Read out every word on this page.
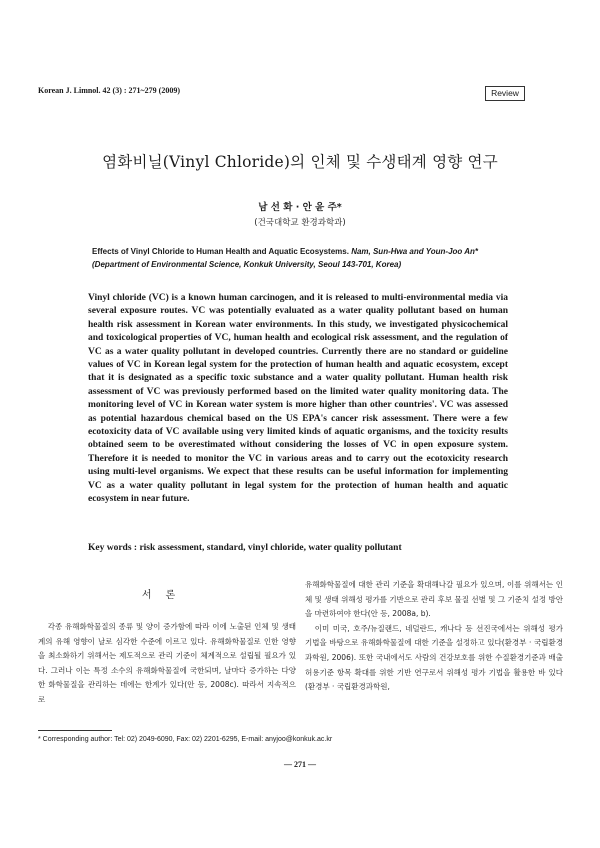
Korean J. Limnol. 42 (3) : 271~279 (2009)	Review
염화비닐(Vinyl Chloride)의 인체 및 수생태계 영향 연구
남 선 화 · 안 윤 주*
(건국대학교 환경과학과)
Effects of Vinyl Chloride to Human Health and Aquatic Ecosystems. Nam, Sun-Hwa and Youn-Joo An* (Department of Environmental Science, Konkuk University, Seoul 143-701, Korea)
Vinyl chloride (VC) is a known human carcinogen, and it is released to multi-environmental media via several exposure routes. VC was potentially evaluated as a water quality pollutant based on human health risk assessment in Korean water environments. In this study, we investigated physicochemical and toxicological properties of VC, human health and ecological risk assessment, and the regulation of VC as a water quality pollutant in developed countries. Currently there are no standard or guideline values of VC in Korean legal system for the protection of human health and aquatic ecosystem, except that it is designated as a specific toxic substance and a water quality pollutant. Human health risk assessment of VC was previously performed based on the limited water quality monitoring data. The monitoring level of VC in Korean water system is more higher than other countries'. VC was assessed as potential hazardous chemical based on the US EPA's cancer risk assessment. There were a few ecotoxicity data of VC available using very limited kinds of aquatic organisms, and the toxicity results obtained seem to be overestimated without considering the losses of VC in open exposure system. Therefore it is needed to monitor the VC in various areas and to carry out the ecotoxicity research using multi-level organisms. We expect that these results can be useful information for implementing VC as a water quality pollutant in legal system for the protection of human health and aquatic ecosystem in near future.
Key words : risk assessment, standard, vinyl chloride, water quality pollutant
서론
각종 유해화학물질의 종류 및 양이 증가함에 따라 이에 노출된 인체 및 생태계의 유해 영향이 날로 심각한 수준에 이르고 있다. 유해화학물질로 인한 영향을 최소화하기 위해서는 제도적으로 관리 기준이 체계적으로 설립될 필요가 있다. 그러나 이는 특정 소수의 유해화학물질에 국한되며, 날마다 증가하는 다양한 화학물질을 관리하는 데에는 한계가 있다(안 등, 2008c). 따라서 지속적으로
유해화학물질에 대한 관리 기준을 확대해나갈 필요가 있으며, 이를 위해서는 인체 및 생태 위해성 평가를 기반으로 관리 후보 물질 선별 및 그 기준치 설정 방안을 마련하여야 한다(안 등, 2008a, b).
이미 미국, 호주/뉴질랜드, 네덜란드, 캐나다 등 선진국에서는 위해성 평가 기법을 바탕으로 유해화학물질에 대한 기준을 설정하고 있다(환경부 · 국립환경과학원, 2006). 또한 국내에서도 사람의 건강보호를 위한 수질환경기준과 배출허용기준 항목 확대를 위한 기반 연구로서 위해성 평가 기법을 활용한 바 있다(환경부 · 국립환경과학원,
* Corresponding author: Tel: 02) 2049-6090, Fax: 02) 2201-6295, E-mail: anyjoo@konkuk.ac.kr
— 271 —
